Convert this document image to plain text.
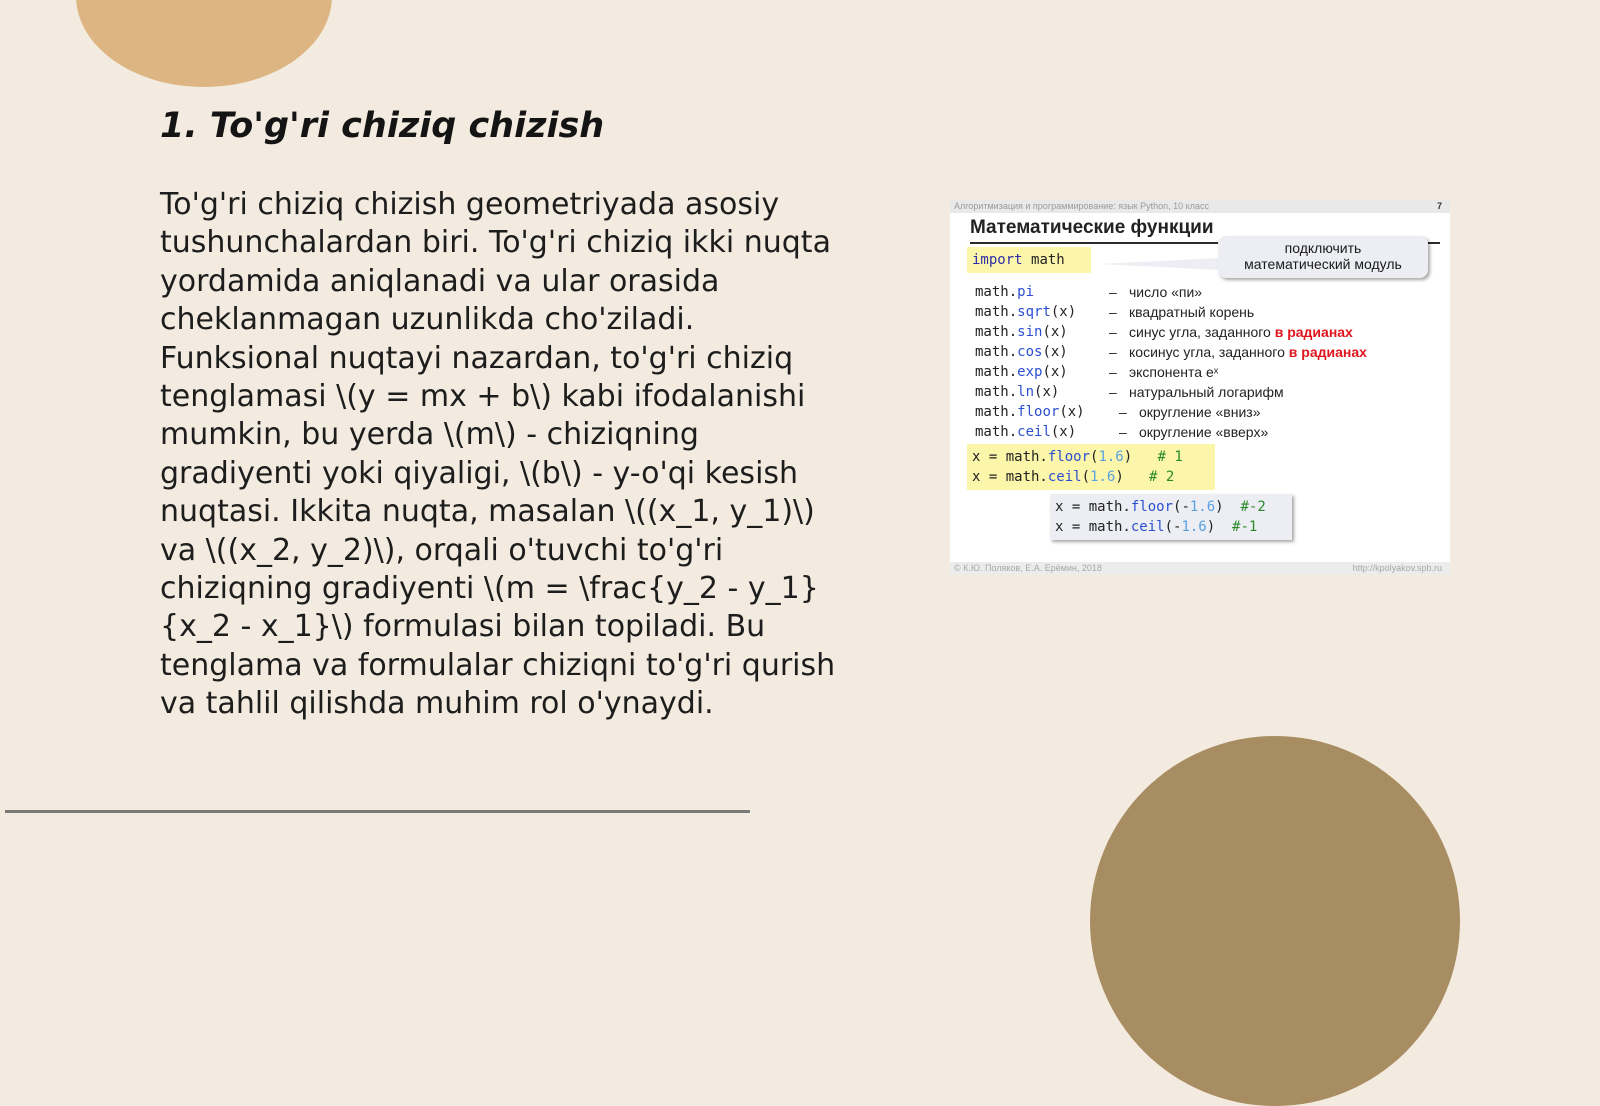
1. To'g'ri chiziq chizish

To'g'ri chiziq chizish geometriyada asosiy tushunchalardan biri. To'g'ri chiziq ikki nuqta yordamida aniqlanadi va ular orasida cheklanmagan uzunlikda cho'ziladi. Funksional nuqtayi nazardan, to'g'ri chiziq tenglamasi \(y = mx + b\) kabi ifodalanishi mumkin, bu yerda \(m\) - chiziqning gradiyenti yoki qiyaligi, \(b\) - y-o'qi kesish nuqtasi. Ikkita nuqta, masalan \((x_1, y_1)\) va \((x_2, y_2)\), orqali o'tuvchi to'g'ri chiziqning gradiyenti \(m = \frac{y_2 - y_1}{x_2 - x_1}\) formulasi bilan topiladi. Bu tenglama va formulalar chiziqni to'g'ri qurish va tahlil qilishda muhim rol o'ynaydi.

Алгоритмизация и программирование: язык Python, 10 класс	7
Математические функции
import math
подключить
математический модуль
math.pi	– число «пи»
math.sqrt(x) – квадратный корень
math.sin(x)	– синус угла, заданного в радианах
math.cos(x)	– косинус угла, заданного в радианах
math.exp(x)	– экспонента eˣ
math.ln(x)	– натуральный логарифм
math.floor(x) – округление «вниз»
math.ceil(x)	– округление «вверх»
x = math.floor(1.6) # 1
x = math.ceil(1.6) # 2
x = math.floor(-1.6) #-2
x = math.ceil(-1.6) #-1
© К.Ю. Поляков, Е.А. Ерёмин, 2018	http://kpolyakov.spb.ru
